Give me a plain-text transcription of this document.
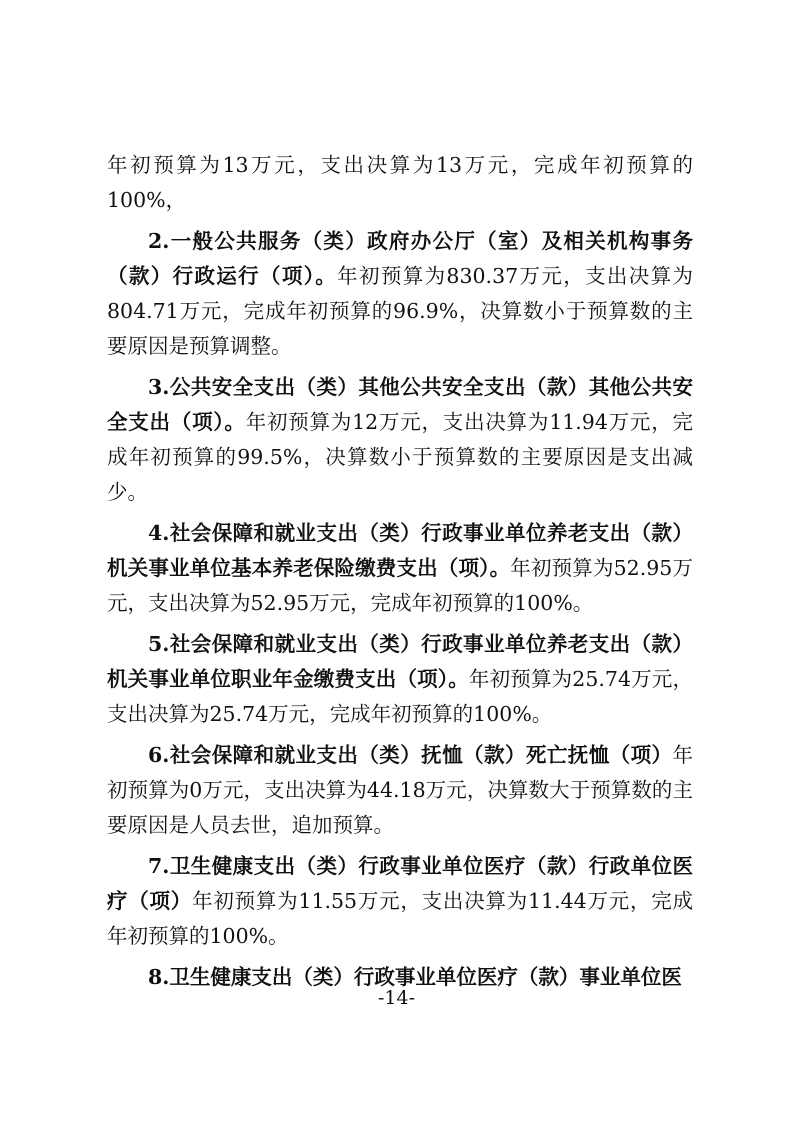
年初预算为13万元，支出决算为13万元，完成年初预算的100%，

2.一般公共服务（类）政府办公厅（室）及相关机构事务（款）行政运行（项）。年初预算为830.37万元，支出决算为804.71万元，完成年初预算的96.9%，决算数小于预算数的主要原因是预算调整。

3.公共安全支出（类）其他公共安全支出（款）其他公共安全支出（项）。年初预算为12万元，支出决算为11.94万元，完成年初预算的99.5%，决算数小于预算数的主要原因是支出减少。

4.社会保障和就业支出（类）行政事业单位养老支出（款）机关事业单位基本养老保险缴费支出（项）。年初预算为52.95万元，支出决算为52.95万元，完成年初预算的100%。

5.社会保障和就业支出（类）行政事业单位养老支出（款）机关事业单位职业年金缴费支出（项）。年初预算为25.74万元，支出决算为25.74万元，完成年初预算的100%。

6.社会保障和就业支出（类）抚恤（款）死亡抚恤（项）年初预算为0万元，支出决算为44.18万元，决算数大于预算数的主要原因是人员去世，追加预算。

7.卫生健康支出（类）行政事业单位医疗（款）行政单位医疗（项）年初预算为11.55万元，支出决算为11.44万元，完成年初预算的100%。

8.卫生健康支出（类）行政事业单位医疗（款）事业单位医

-14-
